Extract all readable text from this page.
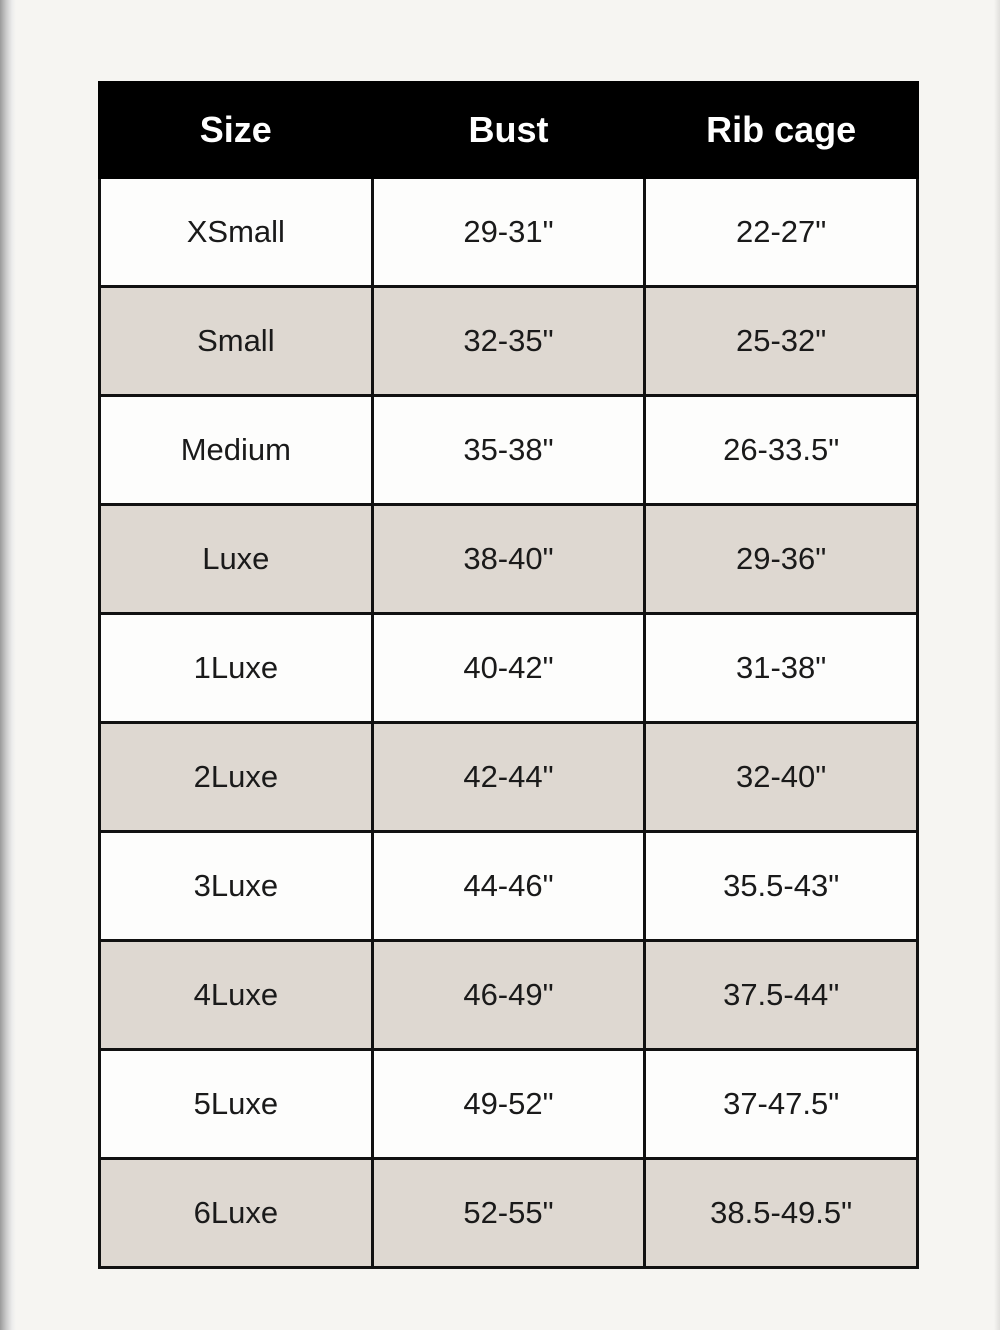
Size	Bust	Rib cage
XSmall	29-31"	22-27"
Small	32-35"	25-32"
Medium	35-38"	26-33.5"
Luxe	38-40"	29-36"
1Luxe	40-42"	31-38"
2Luxe	42-44"	32-40"
3Luxe	44-46"	35.5-43"
4Luxe	46-49"	37.5-44"
5Luxe	49-52"	37-47.5"
6Luxe	52-55"	38.5-49.5"
